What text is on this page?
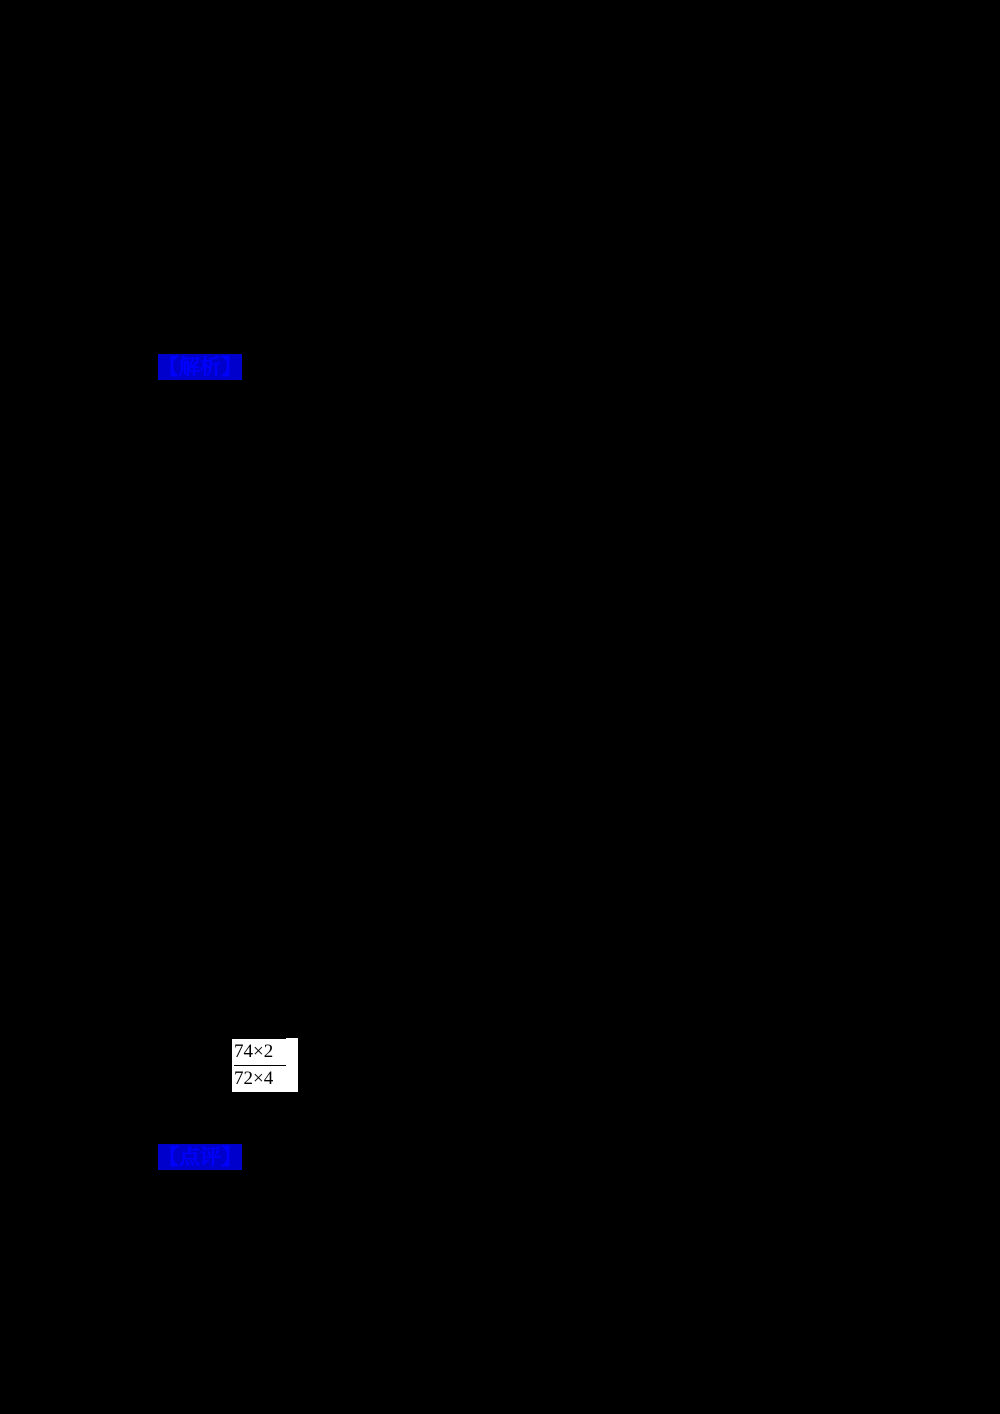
【解析】
$\frac{74\times 2}{72\times 4}$
【点评】
